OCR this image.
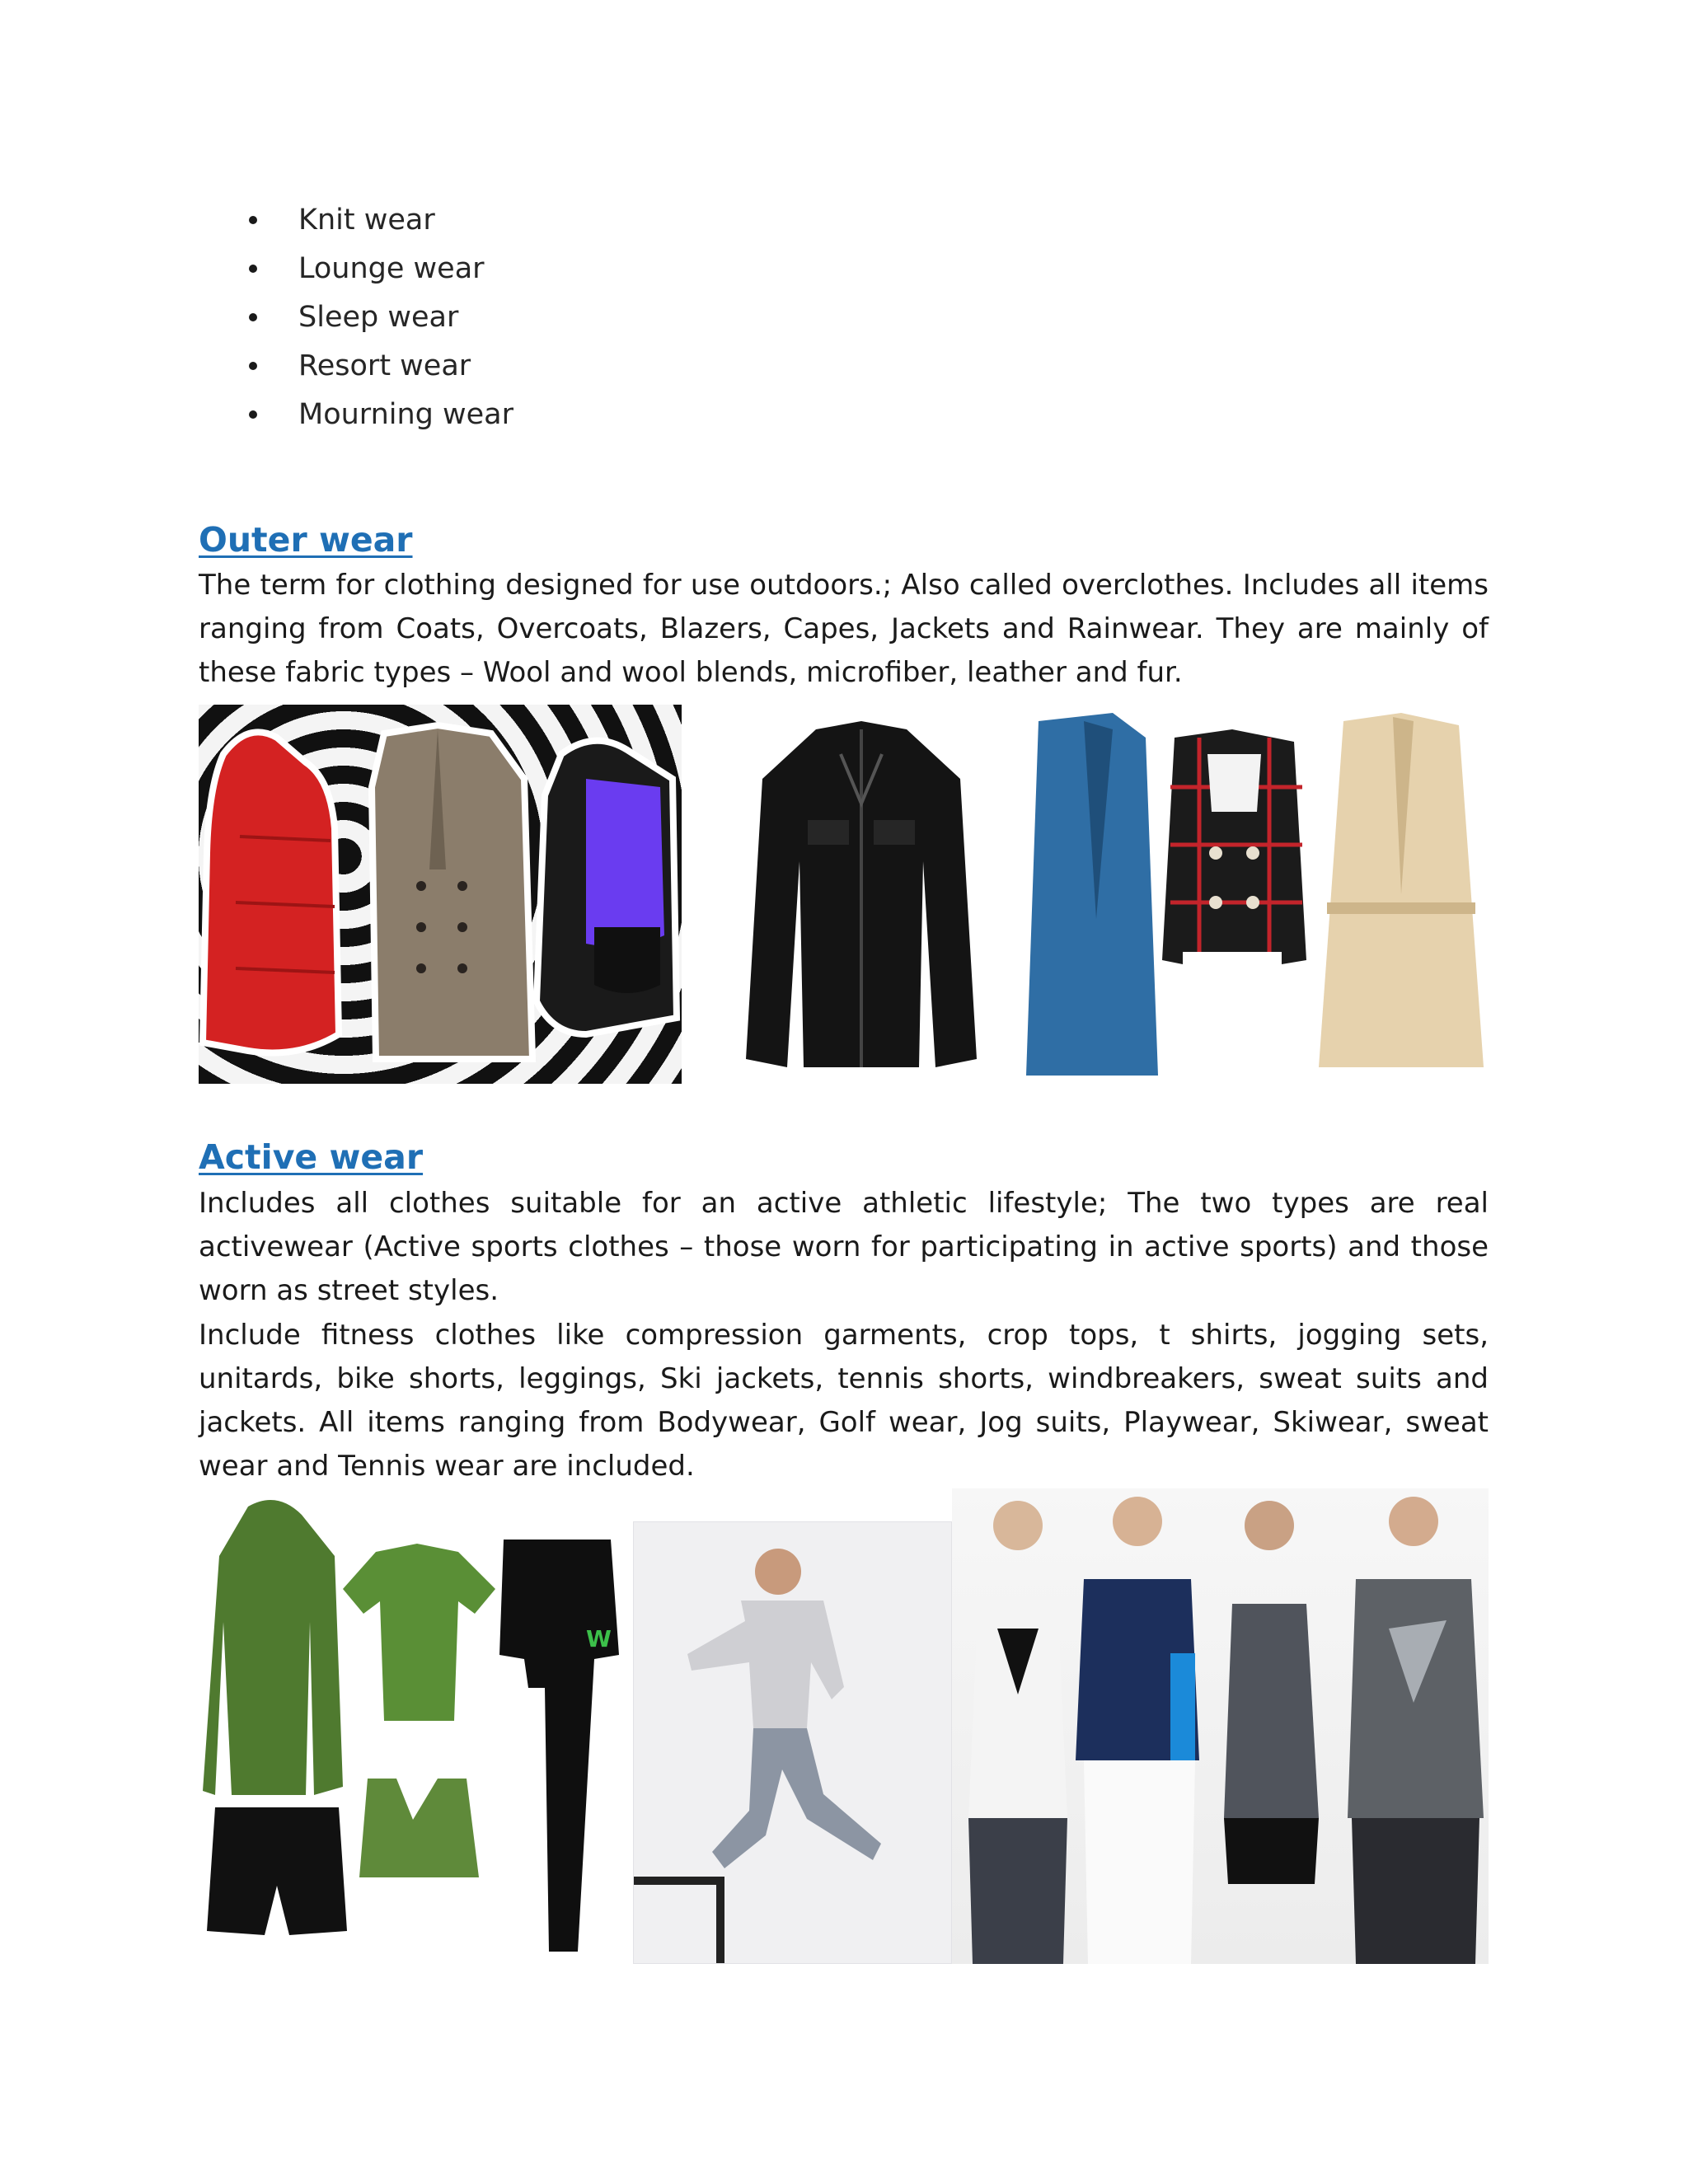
Knit wear
Lounge wear
Sleep wear
Resort wear
Mourning wear
Outer wear

The term for clothing designed for use outdoors.; Also called overclothes. Includes all items ranging from Coats, Overcoats, Blazers, Capes, Jackets and Rainwear. They are mainly of these fabric types – Wool and wool blends, microfiber, leather and fur.

Active wear

Includes all clothes suitable for an active athletic lifestyle; The two types are real activewear (Active sports clothes – those worn for participating in active sports) and those worn as street styles.

Include fitness clothes like compression garments, crop tops, t shirts, jogging sets, unitards, bike shorts, leggings, Ski jackets, tennis shorts, windbreakers, sweat suits and jackets. All items ranging from Bodywear, Golf wear, Jog suits, Playwear, Skiwear, sweat wear and Tennis wear are included.

W
